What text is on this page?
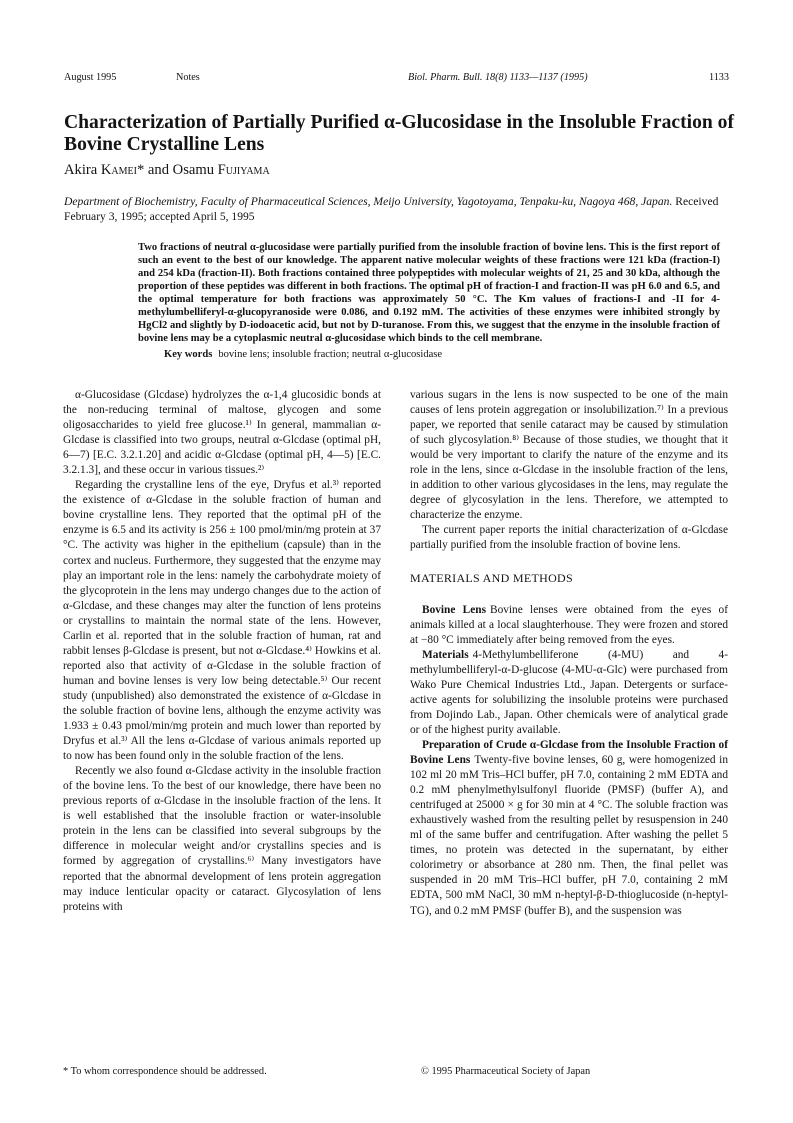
August 1995	Notes	Biol. Pharm. Bull. 18(8) 1133—1137 (1995)	1133
Characterization of Partially Purified α-Glucosidase in the Insoluble Fraction of Bovine Crystalline Lens
Akira Kamei* and Osamu Fujiyama
Department of Biochemistry, Faculty of Pharmaceutical Sciences, Meijo University, Yagotoyama, Tenpaku-ku, Nagoya 468, Japan. Received February 3, 1995; accepted April 5, 1995
Two fractions of neutral α-glucosidase were partially purified from the insoluble fraction of bovine lens. This is the first report of such an event to the best of our knowledge. The apparent native molecular weights of these fractions were 121 kDa (fraction-I) and 254 kDa (fraction-II). Both fractions contained three polypeptides with molecular weights of 21, 25 and 30 kDa, although the proportion of these peptides was different in both fractions. The optimal pH of fraction-I and fraction-II was pH 6.0 and 6.5, and the optimal temperature for both fractions was approximately 50 °C. The Km values of fractions-I and -II for 4-methylumbelliferyl-α-glucopyranoside were 0.086, and 0.192 mM. The activities of these enzymes were inhibited strongly by HgCl2 and slightly by D-iodoacetic acid, but not by D-turanose. From this, we suggest that the enzyme in the insoluble fraction of bovine lens may be a cytoplasmic neutral α-glucosidase which binds to the cell membrane.
Key words bovine lens; insoluble fraction; neutral α-glucosidase

α-Glucosidase (Glcdase) hydrolyzes the α-1,4 glucosidic bonds at the non-reducing terminal of maltose, glycogen and some oligosaccharides to yield free glucose.¹⁾ In general, mammalian α-Glcdase is classified into two groups, neutral α-Glcdase (optimal pH, 6—7) [E.C. 3.2.1.20] and acidic α-Glcdase (optimal pH, 4—5) [E.C. 3.2.1.3], and these occur in various tissues.²⁾

Regarding the crystalline lens of the eye, Dryfus et al.³⁾ reported the existence of α-Glcdase in the soluble fraction of human and bovine crystalline lens. They reported that the optimal pH of the enzyme is 6.5 and its activity is 256 ± 100 pmol/min/mg protein at 37 °C. The activity was higher in the epithelium (capsule) than in the cortex and nucleus. Furthermore, they suggested that the enzyme may play an important role in the lens: namely the carbohydrate moiety of the glycoprotein in the lens may undergo changes due to the action of α-Glcdase, and these changes may alter the function of lens proteins or crystallins to maintain the normal state of the lens. However, Carlin et al. reported that in the soluble fraction of human, rat and rabbit lenses β-Glcdase is present, but not α-Glcdase.⁴⁾ Howkins et al. reported also that activity of α-Glcdase in the soluble fraction of human and bovine lenses is very low being detectable.⁵⁾ Our recent study (unpublished) also demonstrated the existence of α-Glcdase in the soluble fraction of bovine lens, although the enzyme activity was 1.933 ± 0.43 pmol/min/mg protein and much lower than reported by Dryfus et al.³⁾ All the lens α-Glcdase of various animals reported up to now has been found only in the soluble fraction of the lens.

Recently we also found α-Glcdase activity in the insoluble fraction of the bovine lens. To the best of our knowledge, there have been no previous reports of α-Glcdase in the insoluble fraction of the lens. It is well established that the insoluble fraction or water-insoluble protein in the lens can be classified into several subgroups by the difference in molecular weight and/or crystallins species and is formed by aggregation of crystallins.⁶⁾ Many investigators have reported that the abnormal development of lens protein aggregation may induce lenticular opacity or cataract. Glycosylation of lens proteins with

various sugars in the lens is now suspected to be one of the main causes of lens protein aggregation or insolubilization.⁷⁾ In a previous paper, we reported that senile cataract may be caused by stimulation of such glycosylation.⁸⁾ Because of those studies, we thought that it would be very important to clarify the nature of the enzyme and its role in the lens, since α-Glcdase in the insoluble fraction of the lens, in addition to other various glycosidases in the lens, may regulate the degree of glycosylation in the lens. Therefore, we attempted to characterize the enzyme.

The current paper reports the initial characterization of α-Glcdase partially purified from the insoluble fraction of bovine lens.

MATERIALS AND METHODS

Bovine Lens Bovine lenses were obtained from the eyes of animals killed at a local slaughterhouse. They were frozen and stored at −80 °C immediately after being removed from the eyes.

Materials 4-Methylumbelliferone (4-MU) and 4-methylumbelliferyl-α-D-glucose (4-MU-α-Glc) were purchased from Wako Pure Chemical Industries Ltd., Japan. Detergents or surface-active agents for solubilizing the insoluble proteins were purchased from Dojindo Lab., Japan. Other chemicals were of analytical grade or of the highest purity available.

Preparation of Crude α-Glcdase from the Insoluble Fraction of Bovine Lens Twenty-five bovine lenses, 60 g, were homogenized in 102 ml 20 mM Tris–HCl buffer, pH 7.0, containing 2 mM EDTA and 0.2 mM phenylmethylsulfonyl fluoride (PMSF) (buffer A), and centrifuged at 25000 × g for 30 min at 4 °C. The soluble fraction was exhaustively washed from the resulting pellet by resuspension in 240 ml of the same buffer and centrifugation. After washing the pellet 5 times, no protein was detected in the supernatant, by either colorimetry or absorbance at 280 nm. Then, the final pellet was suspended in 20 mM Tris–HCl buffer, pH 7.0, containing 2 mM EDTA, 500 mM NaCl, 30 mM n-heptyl-β-D-thioglucoside (n-heptyl-TG), and 0.2 mM PMSF (buffer B), and the suspension was

* To whom correspondence should be addressed.	© 1995 Pharmaceutical Society of Japan
